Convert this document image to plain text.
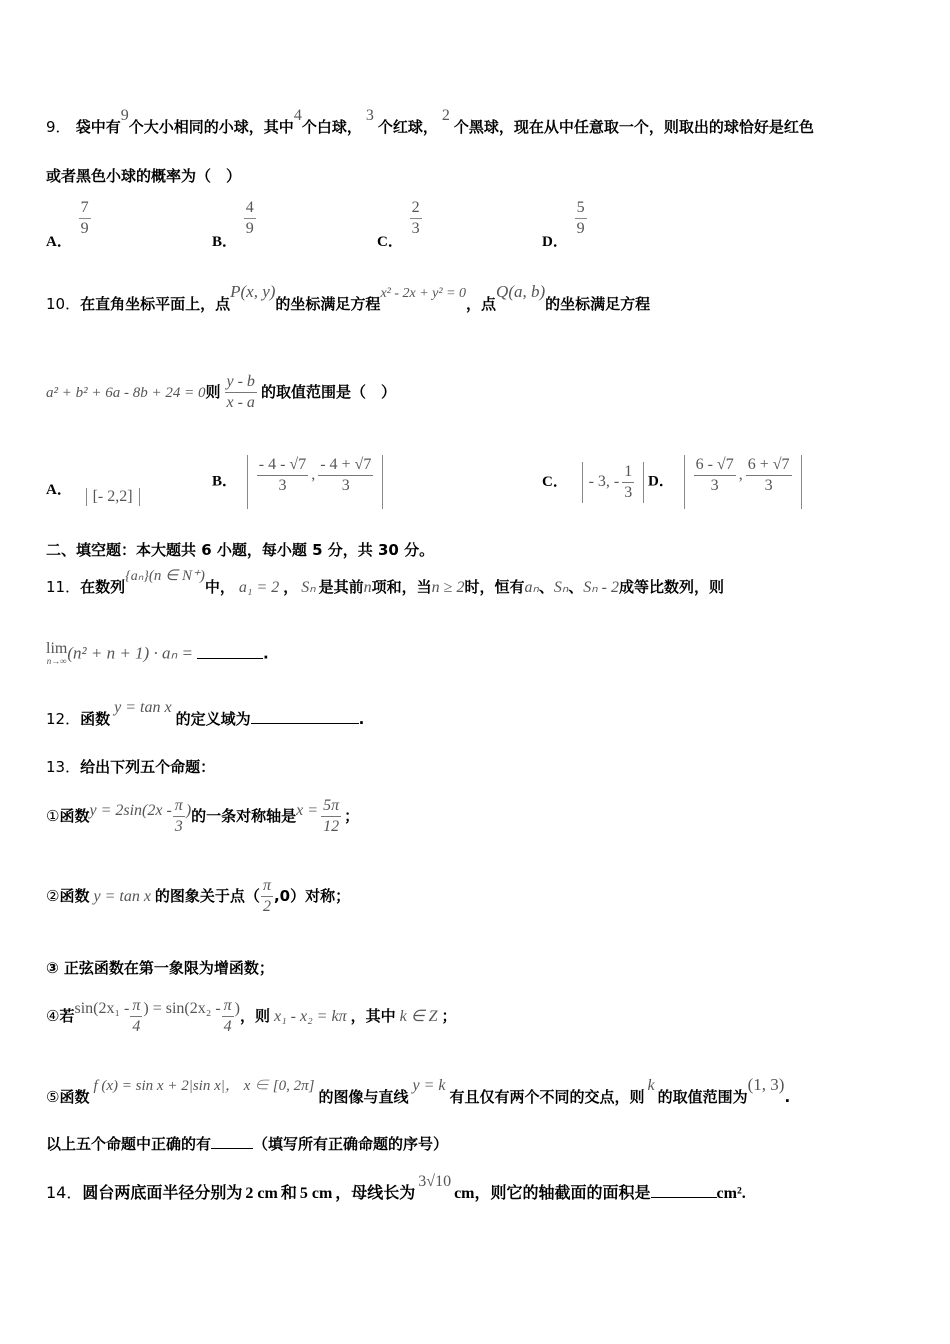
9． 袋中有9个大小相同的小球，其中4个白球，3个红球，2个黑球，现在从中任意取一个，则取出的球恰好是红色
或者黑色小球的概率为（　）
A．
$\frac{7}{9}$
B．
$\frac{4}{9}$
C．
$\frac{2}{3}$
D．
$\frac{5}{9}$
10．在直角坐标平面上，点P(x, y)的坐标满足方程x² - 2x + y² = 0，点Q(a, b)的坐标满足方程
a² + b² + 6a - 8b + 24 = 0则 $\frac{y - b}{x - a}$ 的取值范围是（　）
A． [- 2,2]
B． $\frac{- 4 - √7}{3}$ , $\frac{- 4 + √7}{3}$	C． - 3, - $\frac{1}{3}$ D． $\frac{6 - √7}{3}$ , $\frac{6 + √7}{3}$
二、填空题：本大题共 6 小题，每小题 5 分，共 30 分。
11．在数列{aₙ}(n ∈ N⁺)中， a₁ = 2 ， Sₙ 是其前n项和，当n ≥ 2时，恒有aₙ、Sₙ、Sₙ - 2成等比数列，则
lim
n→∞ (n² + n + 1) · aₙ =	.
12．函数y = tan x的定义域为	.
13．给出下列五个命题：
①函数$y = 2\sin(2x - \frac{\pi}{3}$ )的一条对称轴是$x = \frac{5\pi}{12}$ ；
②函数 y = tan x 的图象关于点（ $\frac{\pi}{2} ,0$）对称；
③ 正弦函数在第一象限为增函数；
④若$\sin(2x_1 - \frac{\pi}{4}$ ) = $\sin(2x_2 - \frac{\pi}{4}$ )，则 x₁ - x₂ = kπ ，其中 k ∈ Z ；
⑤函数f (x) = sin x + 2|sin x|， x ∈ [0, 2π]的图像与直线y = k有且仅有两个不同的交点，则k的取值范围为(1, 3).
以上五个命题中正确的有	（填写所有正确命题的序号）
14．圆台两底面半径分别为 2 cm 和 5 cm ，母线长为3√10cm，则它的轴截面的面积是	cm².
